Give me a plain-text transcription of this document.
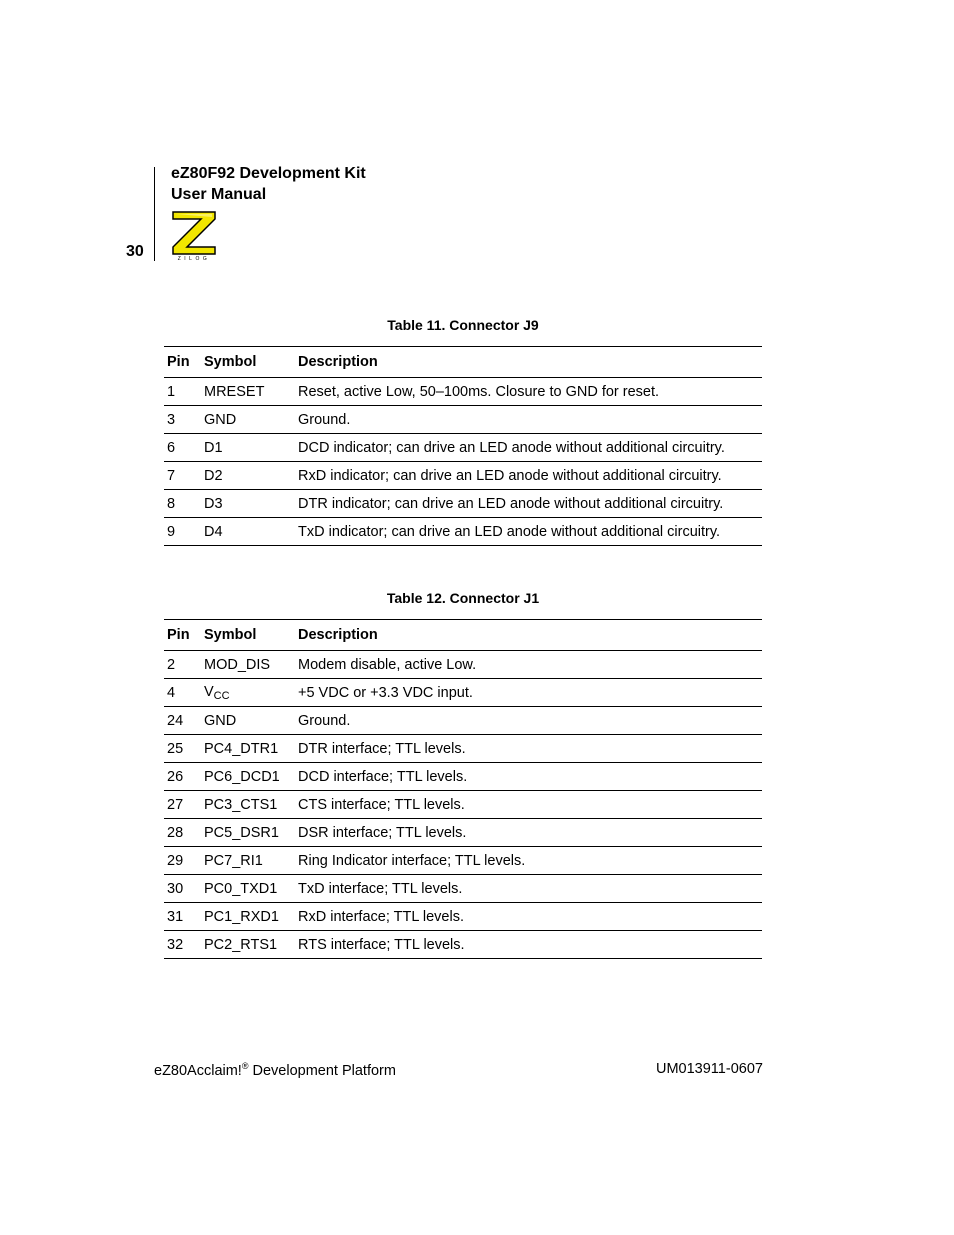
30
eZ80F92 Development Kit
User Manual
ZILOG
Table 11. Connector J9
Pin	Symbol	Description
1	MRESET	Reset, active Low, 50–100ms. Closure to GND for reset.
3	GND	Ground.
6	D1	DCD indicator; can drive an LED anode without additional circuitry.
7	D2	RxD indicator; can drive an LED anode without additional circuitry.
8	D3	DTR indicator; can drive an LED anode without additional circuitry.
9	D4	TxD indicator; can drive an LED anode without additional circuitry.
Table 12. Connector J1
Pin	Symbol	Description
2	MOD_DIS	Modem disable, active Low.
4	$V_{CC}$	+5 VDC or +3.3 VDC input.
24	GND	Ground.
25	PC4_DTR1	DTR interface; TTL levels.
26	PC6_DCD1	DCD interface; TTL levels.
27	PC3_CTS1	CTS interface; TTL levels.
28	PC5_DSR1	DSR interface; TTL levels.
29	PC7_RI1	Ring Indicator interface; TTL levels.
30	PC0_TXD1	TxD interface; TTL levels.
31	PC1_RXD1	RxD interface; TTL levels.
32	PC2_RTS1	RTS interface; TTL levels.
eZ80Acclaim!® Development Platform	UM013911-0607
